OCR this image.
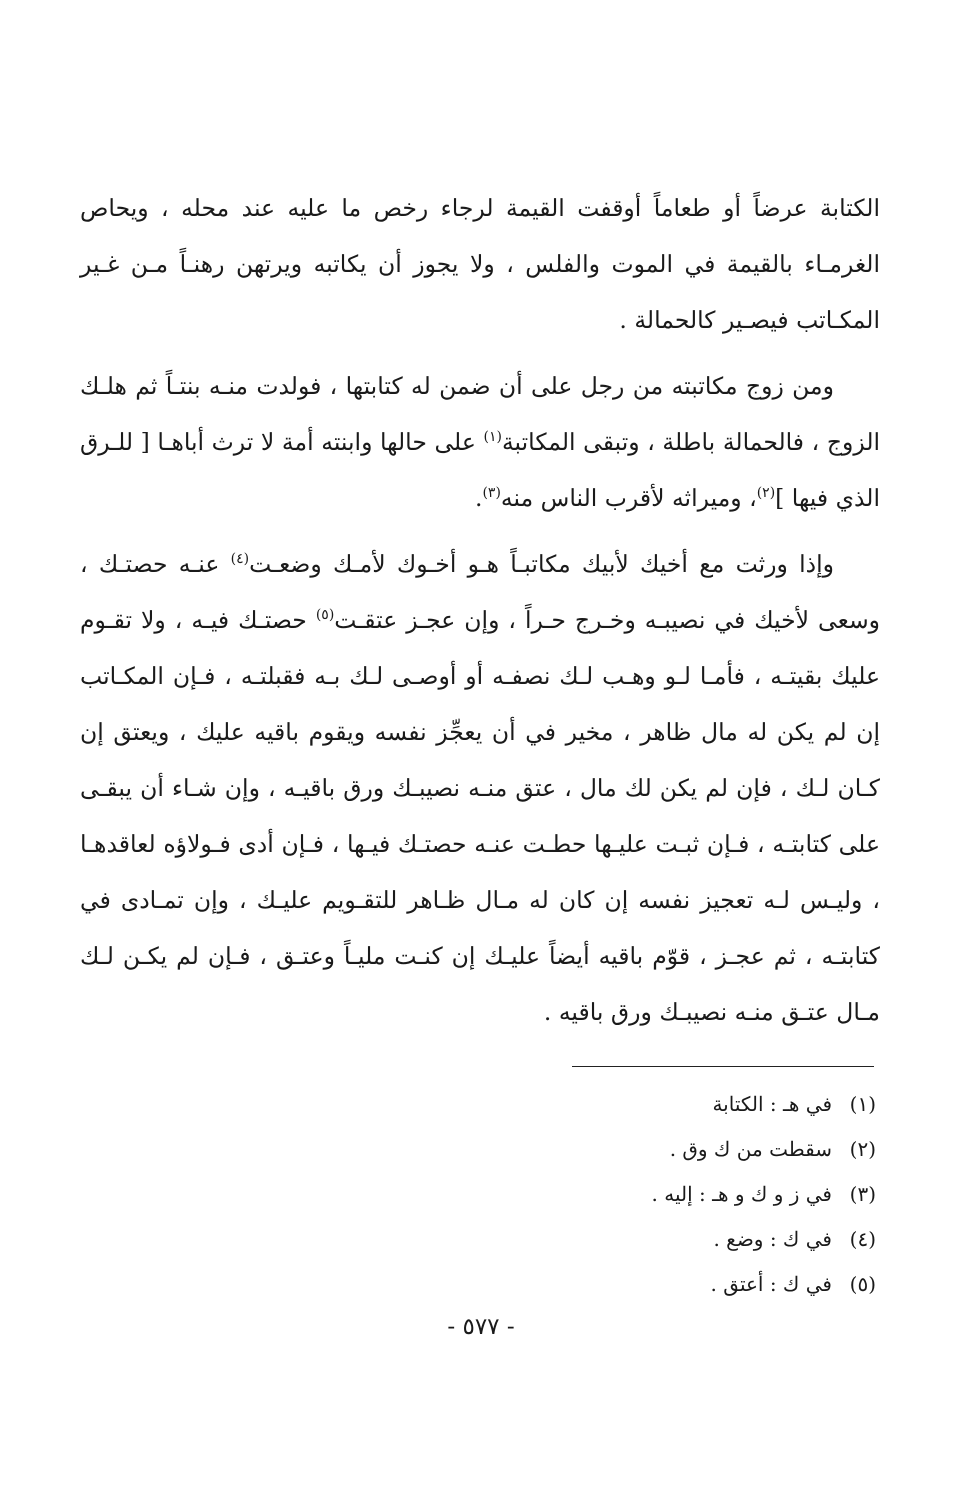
الكتابة عرضاً أو طعاماً أوقفت القيمة لرجاء رخص ما عليه عند محله ، ويحاص الغرمـاء بالقيمة في الموت والفلس ، ولا يجوز أن يكاتبه ويرتهن رهنـاً مـن غـير المكـاتب فيصـير كالحمالة .

ومن زوج مكاتبته من رجل على أن ضمن له كتابتها ، فولدت منـه بنتـاً ثم هلـك الزوج ، فالحمالة باطلة ، وتبقى المكاتبة$^{(١)}$ على حالها وابنته أمة لا ترث أباهـا [ للـرق الذي فيها ]$^{(٢)}$، وميراثه لأقرب الناس منه$^{(٣)}$.

وإذا ورثت مع أخيك لأبيك مكاتبـاً هـو أخـوك لأمـك وضعـت$^{(٤)}$ عنـه حصتـك ، وسعى لأخيك في نصيبـه وخـرج حـراً ، وإن عجـز عتقـت$^{(٥)}$ حصتـك فيـه ، ولا تقـوم عليك بقيتـه ، فأمـا لـو وهـب لـك نصفـه أو أوصـى لـك بـه فقبلتـه ، فـإن المكـاتب إن لم يكن له مال ظاهر ، مخير في أن يعجِّز نفسه ويقوم باقيه عليك ، ويعتق إن كـان لـك ، فإن لم يكن لك مال ، عتق منـه نصيبـك ورق باقيـه ، وإن شـاء أن يبقـى على كتابتـه ، فـإن ثبـت عليـها حطـت عنـه حصتـك فيـها ، فـإن أدى فـولاؤه لعاقدهـا ، وليـس لـه تعجيز نفسه إن كان له مـال ظـاهر للتقـويم عليـك ، وإن تمـادى في كتابتـه ، ثم عجـز ، قوّم باقيه أيضاً عليـك إن كنـت مليـاً وعتـق ، فـإن لم يكـن لـك مـال عتـق منـه نصيبـك ورق باقيه .

(١)في هـ : الكتابة
(٢)سقطت من ك وق .
(٣)في ز و ك و هـ : إليه .
(٤)في ك : وضع .
(٥)في ك : أعتق .
- ٥٧٧ -
